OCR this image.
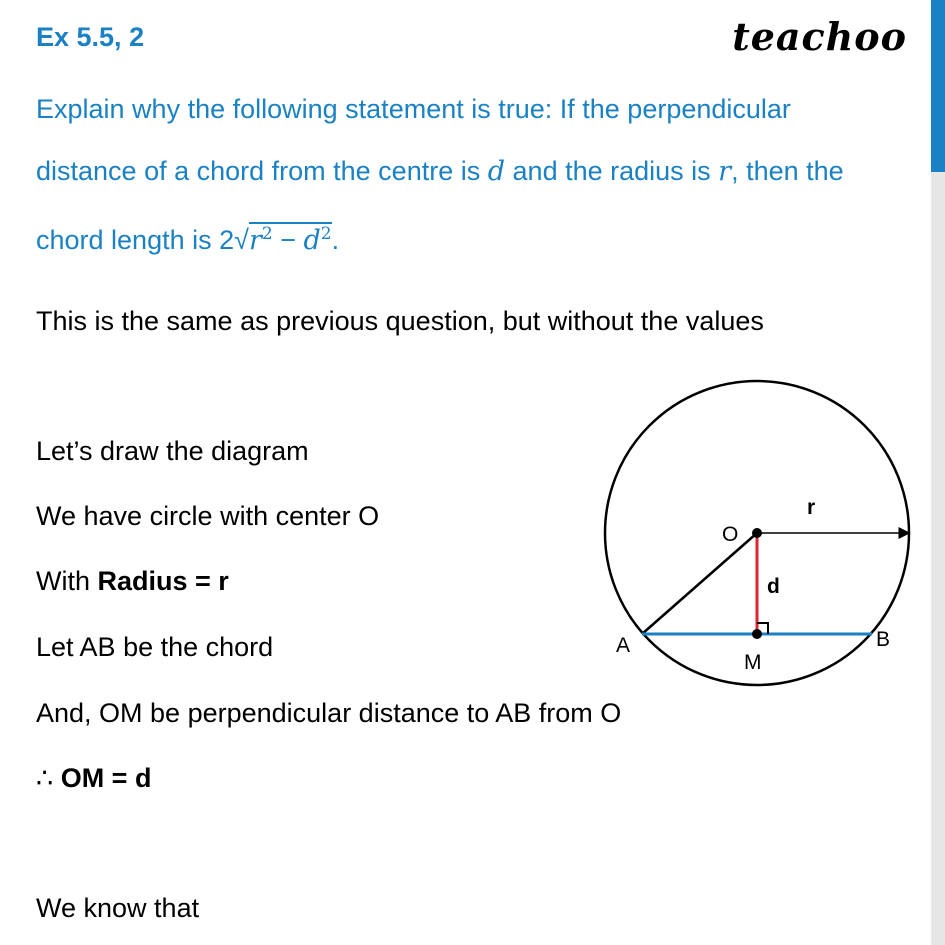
Ex 5.5, 2	teachoo
Explain why the following statement is true: If the perpendicular
distance of a chord from the centre is d and the radius is r, then the
chord length is $2√r^2 - d^2$.
This is the same as previous question, but without the values
Let’s draw the diagram
We have circle with center O
With Radius = r
Let AB be the chord
And, OM be perpendicular distance to AB from O
∴ OM = d
We know that
O
r
d
A	B
M
